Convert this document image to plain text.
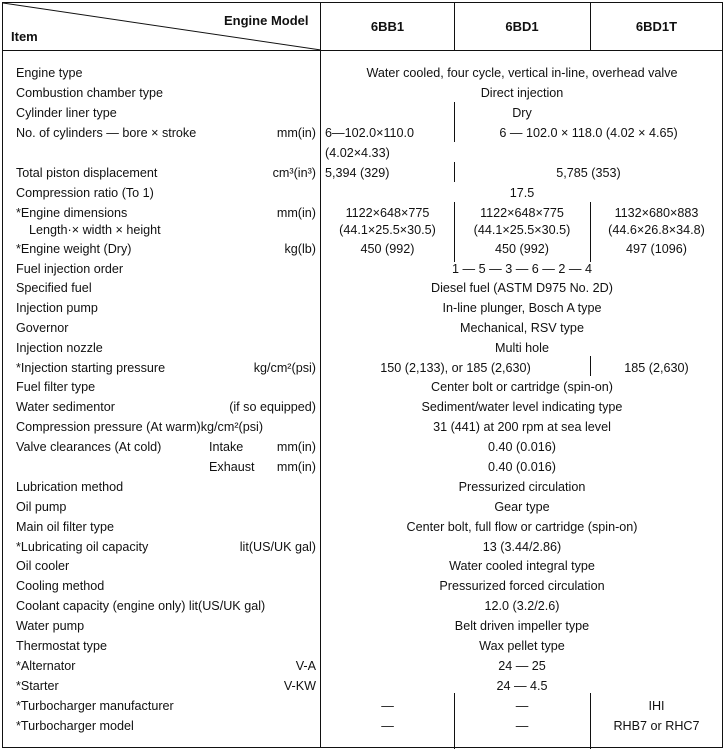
Engine Model
Item
6BB1	6BD1	6BD1T
Engine type	Water cooled, four cycle, vertical in-line, overhead valve
Combustion chamber type	Direct injection
Cylinder liner type	Dry
No. of cylinders — bore × stroke	mm(in) 6—102.0×110.0	6 — 102.0 × 118.0 (4.02 × 4.65)
(4.02×4.33)
Total piston displacement	cm³(in³) 5,394 (329)	5,785 (353)
Compression ratio (To 1)	17.5
*Engine dimensions	mm(in)	1122×648×775	1122×648×775	1132×680×883
Length·× width × height	(44.1×25.5×30.5)	(44.1×25.5×30.5)	(44.6×26.8×34.8)
*Engine weight (Dry)	kg(lb)	450 (992)	450 (992)	497 (1096)
Fuel injection order	1 — 5 — 3 — 6 — 2 — 4
Specified fuel	Diesel fuel (ASTM D975 No. 2D)
Injection pump	In-line plunger, Bosch A type
Governor	Mechanical, RSV type
Injection nozzle	Multi hole
*Injection starting pressure	kg/cm²(psi)	150 (2,133), or 185 (2,630)	185 (2,630)
Fuel filter type	Center bolt or cartridge (spin-on)
Water sedimentor	(if so equipped)	Sediment/water level indicating type
Compression pressure (At warm)kg/cm²(psi)	31 (441) at 200 rpm at sea level
Valve clearances (At cold)	Intake	mm(in)	0.40 (0.016)
Exhaust mm(in)	0.40 (0.016)
Lubrication method	Pressurized circulation
Oil pump	Gear type
Main oil filter type	Center bolt, full flow or cartridge (spin-on)
*Lubricating oil capacity	lit(US/UK gal)	13 (3.44/2.86)
Oil cooler	Water cooled integral type
Cooling method	Pressurized forced circulation
Coolant capacity (engine only) lit(US/UK gal)	12.0 (3.2/2.6)
Water pump	Belt driven impeller type
Thermostat type	Wax pellet type
*Alternator	V-A	24 — 25
*Starter	V-KW	24 — 4.5
*Turbocharger manufacturer	—	—	IHI
*Turbocharger model	—	—	RHB7 or RHC7
